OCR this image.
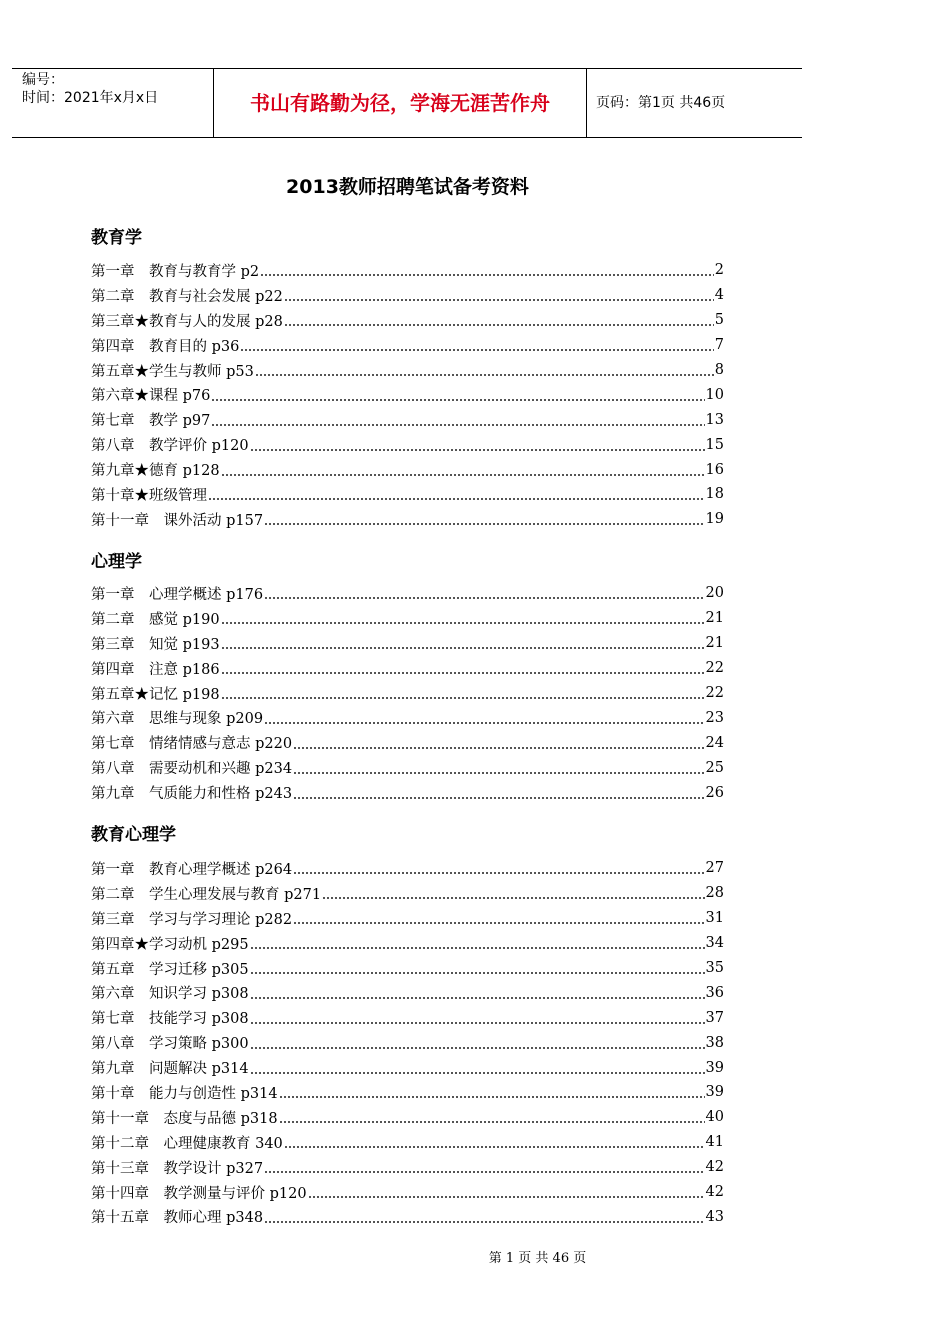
编号：
时间：2021年x月x日	书山有路勤为径，学海无涯苦作舟	页码：第1页 共46页
2013教师招聘笔试备考资料
教育学
第一章　教育与教育学 p2	2
第二章　教育与社会发展 p22	4
第三章★教育与人的发展 p28	5
第四章　教育目的 p36	7
第五章★学生与教师 p53	8
第六章★课程 p76	10
第七章　教学 p97	13
第八章　教学评价 p120	15
第九章★德育 p128	16
第十章★班级管理	18
第十一章　课外活动 p157	19
心理学
第一章　心理学概述 p176	20
第二章　感觉 p190	21
第三章　知觉 p193	21
第四章　注意 p186	22
第五章★记忆 p198	22
第六章　思维与现象 p209	23
第七章　情绪情感与意志 p220	24
第八章　需要动机和兴趣 p234	25
第九章　气质能力和性格 p243	26
教育心理学
第一章　教育心理学概述 p264	27
第二章　学生心理发展与教育 p271	28
第三章　学习与学习理论 p282	31
第四章★学习动机 p295	34
第五章　学习迁移 p305	35
第六章　知识学习 p308	36
第七章　技能学习 p308	37
第八章　学习策略 p300	38
第九章　问题解决 p314	39
第十章　能力与创造性 p314	39
第十一章　态度与品德 p318	40
第十二章　心理健康教育 340	41
第十三章　教学设计 p327	42
第十四章　教学测量与评价 p120	42
第十五章　教师心理 p348	43
第 1 页 共 46 页
